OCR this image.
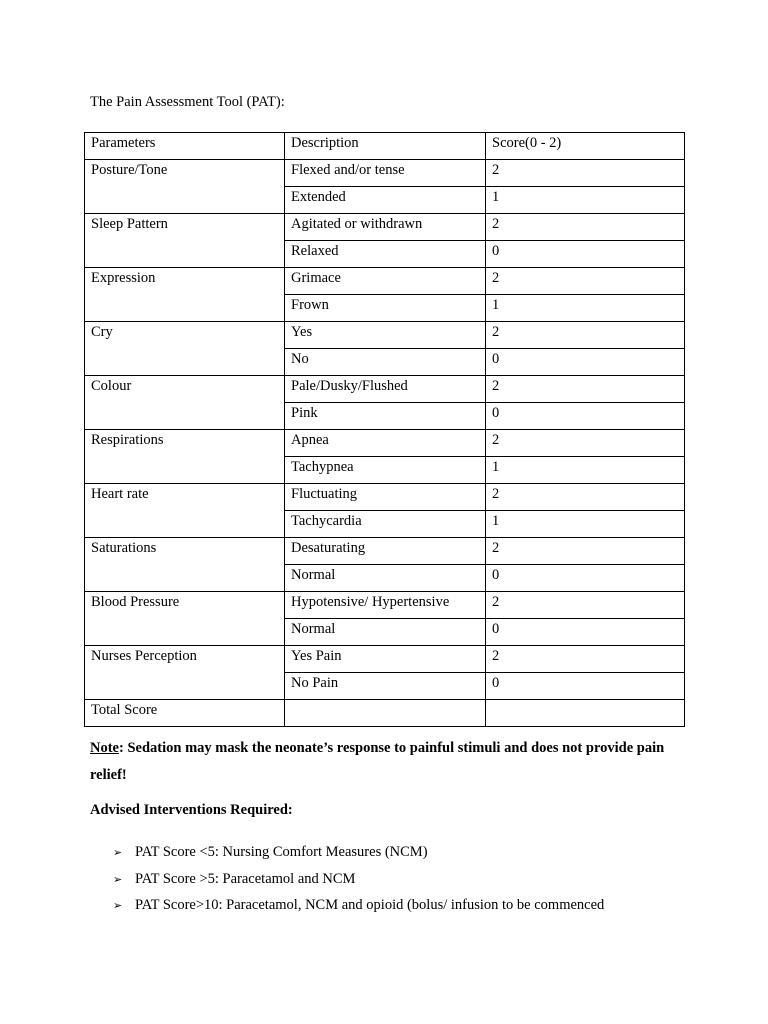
The Pain Assessment Tool (PAT):
Parameters	Description	Score(0 - 2)
Posture/Tone	Flexed and/or tense	2
	Extended	1
Sleep Pattern	Agitated or withdrawn	2
	Relaxed	0
Expression	Grimace	2
	Frown	1
Cry	Yes	2
	No	0
Colour	Pale/Dusky/Flushed	2
	Pink	0
Respirations	Apnea	2
	Tachypnea	1
Heart rate	Fluctuating	2
	Tachycardia	1
Saturations	Desaturating	2
	Normal	0
Blood Pressure	Hypotensive/ Hypertensive	2
	Normal	0
Nurses Perception	Yes Pain	2
	No Pain	0
Total Score		
Note: Sedation may mask the neonate’s response to painful stimuli and does not provide pain relief!
Advised Interventions Required:
➢ PAT Score <5: Nursing Comfort Measures (NCM)
➢ PAT Score >5: Paracetamol and NCM
➢ PAT Score>10: Paracetamol, NCM and opioid (bolus/ infusion to be commenced
